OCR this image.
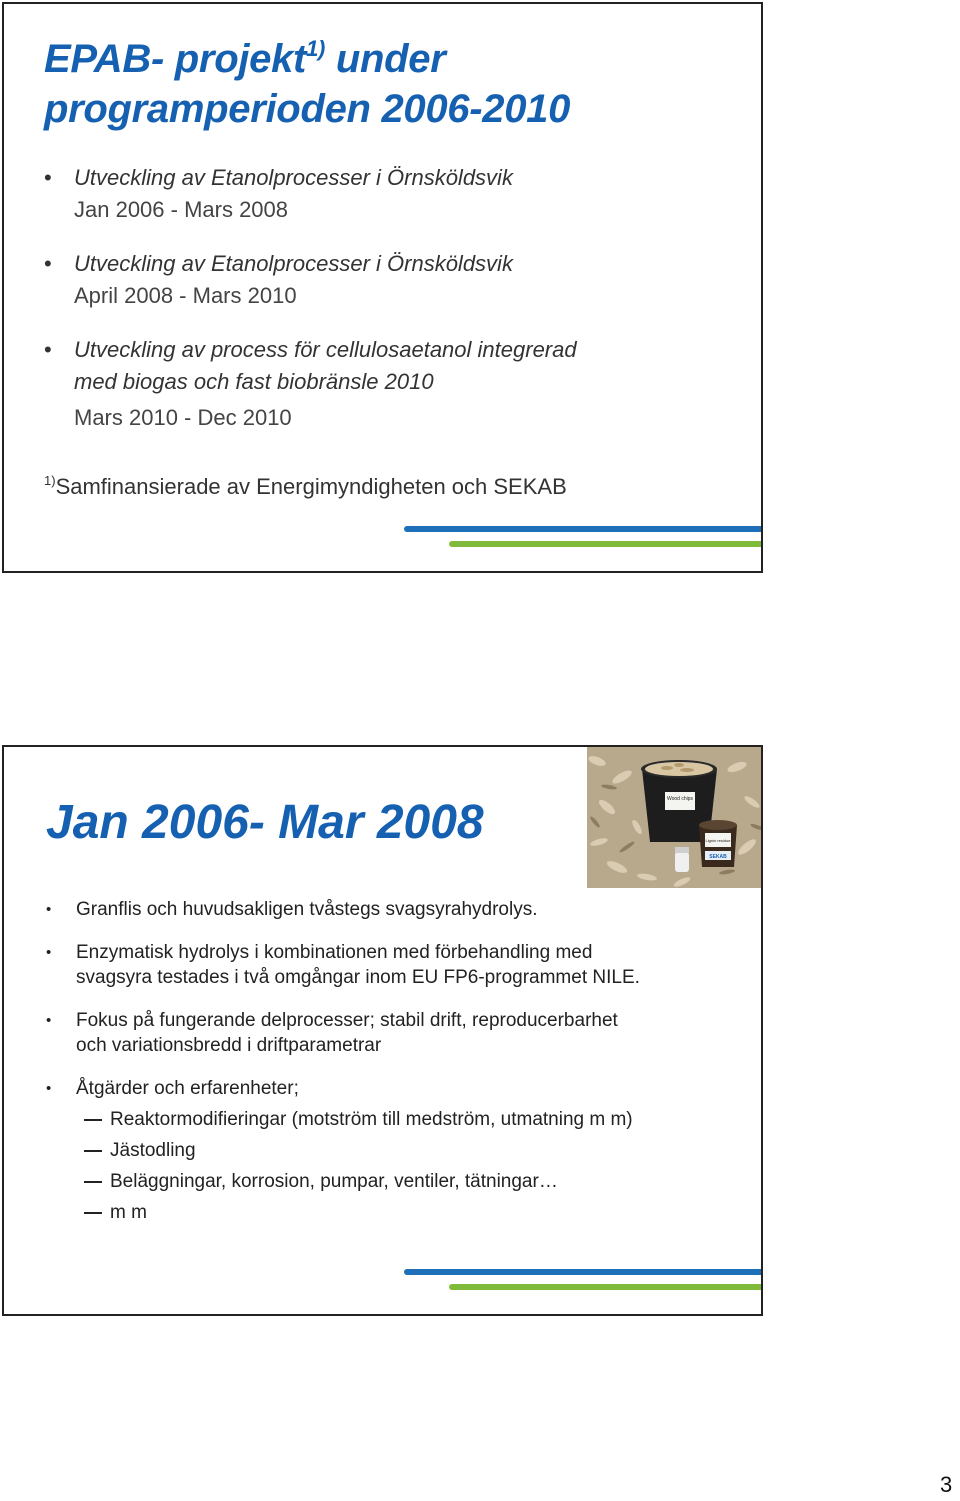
EPAB- projekt$^{1)}$ under
programperioden 2006-2010
• Utveckling av Etanolprocesser i Örnsköldsvik
Jan 2006 - Mars 2008
• Utveckling av Etanolprocesser i Örnsköldsvik
April 2008 - Mars 2010
• Utveckling av process för cellulosaetanol integrerad
med biogas och fast biobränsle 2010
Mars 2010 - Dec 2010
$^{1)}$Samfinansierade av Energimyndigheten och SEKAB
Jan 2006- Mar 2008	Wood chips
Lignin residue
SEKAB
• Granflis och huvudsakligen tvåstegs svagsyrahydrolys.
• Enzymatisk hydrolys i kombinationen med förbehandling med
svagsyra testades i två omgångar inom EU FP6-programmet NILE.
• Fokus på fungerande delprocesser; stabil drift, reproducerbarhet
och variationsbredd i driftparametrar
• Åtgärder och erfarenheter;
Reaktormodifieringar (motström till medström, utmatning m m)
Jästodling
Beläggningar, korrosion, pumpar, ventiler, tätningar…
m m
3
